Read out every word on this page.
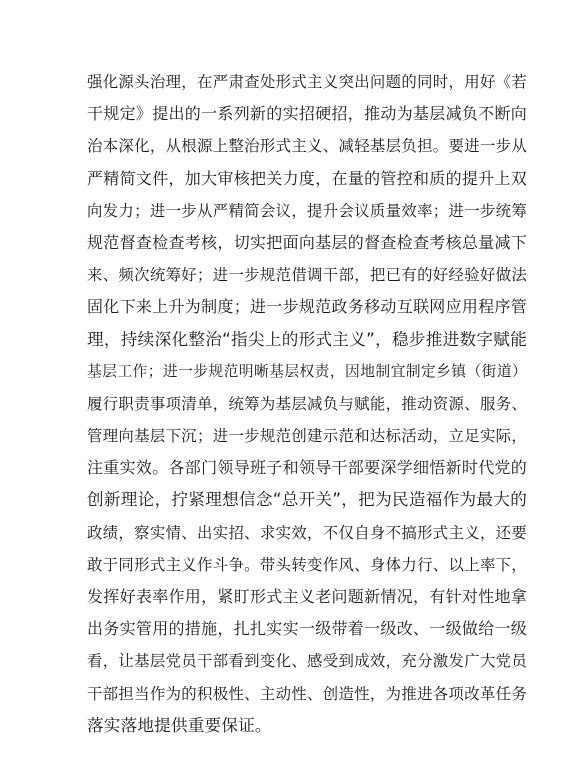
强化源头治理，在严肃查处形式主义突出问题的同时，用好《若
干规定》提出的一系列新的实招硬招，推动为基层减负不断向
治本深化，从根源上整治形式主义、减轻基层负担。要进一步从
严精简文件，加大审核把关力度，在量的管控和质的提升上双
向发力；进一步从严精简会议，提升会议质量效率；进一步统筹
规范督查检查考核，切实把面向基层的督查检查考核总量减下
来、频次统筹好；进一步规范借调干部，把已有的好经验好做法
固化下来上升为制度；进一步规范政务移动互联网应用程序管
理，持续深化整治“指尖上的形式主义”，稳步推进数字赋能
基层工作；进一步规范明晰基层权责，因地制宜制定乡镇（街道）
履行职责事项清单，统筹为基层减负与赋能，推动资源、服务、
管理向基层下沉；进一步规范创建示范和达标活动，立足实际，
注重实效。各部门领导班子和领导干部要深学细悟新时代党的
创新理论，拧紧理想信念“总开关”，把为民造福作为最大的
政绩，察实情、出实招、求实效，不仅自身不搞形式主义，还要
敢于同形式主义作斗争。带头转变作风、身体力行、以上率下，
发挥好表率作用，紧盯形式主义老问题新情况，有针对性地拿
出务实管用的措施，扎扎实实一级带着一级改、一级做给一级
看，让基层党员干部看到变化、感受到成效，充分激发广大党员
干部担当作为的积极性、主动性、创造性，为推进各项改革任务
落实落地提供重要保证。
